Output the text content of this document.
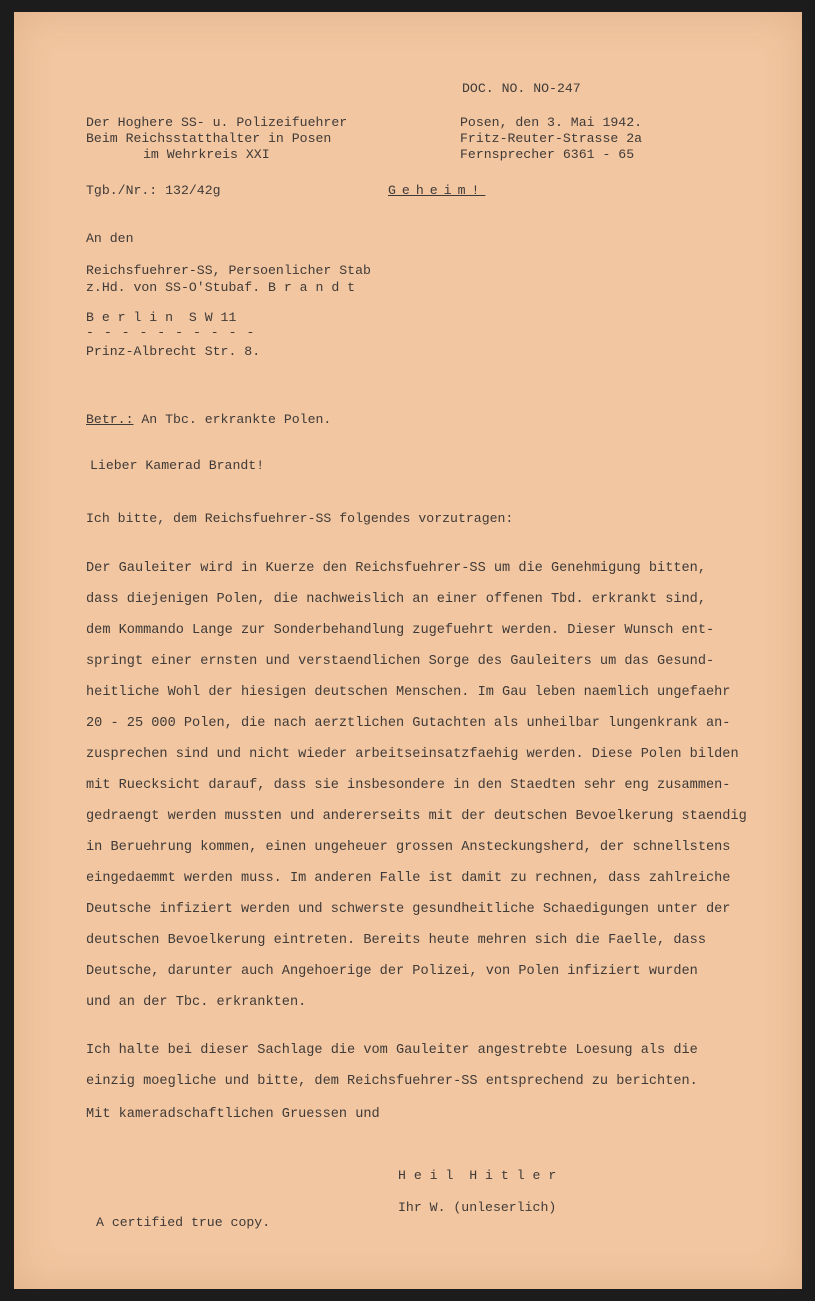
DOC. NO. NO-247
Der Hoghere SS- u. Polizeifuehrer
Beim Reichsstatthalter in Posen
im Wehrkreis XXI
Posen, den 3. Mai 1942.
Fritz-Reuter-Strasse 2a
Fernsprecher 6361 - 65
Tgb./Nr.: 132/42g	Geheim!
An den
Reichsfuehrer-SS, Persoenlicher Stab
z.Hd. von SS-O'Stubaf. B r a n d t
B e r l i n  S W 11
- - - - - - - - - -
Prinz-Albrecht Str. 8.
Betr.: An Tbc. erkrankte Polen.
Lieber Kamerad Brandt!
Ich bitte, dem Reichsfuehrer-SS folgendes vorzutragen:
Der Gauleiter wird in Kuerze den Reichsfuehrer-SS um die Genehmigung bitten,
dass diejenigen Polen, die nachweislich an einer offenen Tbd. erkrankt sind,
dem Kommando Lange zur Sonderbehandlung zugefuehrt werden. Dieser Wunsch ent-
springt einer ernsten und verstaendlichen Sorge des Gauleiters um das Gesund-
heitliche Wohl der hiesigen deutschen Menschen. Im Gau leben naemlich ungefaehr
20 - 25 000 Polen, die nach aerztlichen Gutachten als unheilbar lungenkrank an-
zusprechen sind und nicht wieder arbeitseinsatzfaehig werden. Diese Polen bilden
mit Ruecksicht darauf, dass sie insbesondere in den Staedten sehr eng zusammen-
gedraengt werden mussten und andererseits mit der deutschen Bevoelkerung staendig
in Beruehrung kommen, einen ungeheuer grossen Ansteckungsherd, der schnellstens
eingedaemmt werden muss. Im anderen Falle ist damit zu rechnen, dass zahlreiche
Deutsche infiziert werden und schwerste gesundheitliche Schaedigungen unter der
deutschen Bevoelkerung eintreten. Bereits heute mehren sich die Faelle, dass
Deutsche, darunter auch Angehoerige der Polizei, von Polen infiziert wurden
und an der Tbc. erkrankten.
Ich halte bei dieser Sachlage die vom Gauleiter angestrebte Loesung als die
einzig moegliche und bitte, dem Reichsfuehrer-SS entsprechend zu berichten.
Mit kameradschaftlichen Gruessen und
H e i l  H i t l e r
Ihr W. (unleserlich)
A certified true copy.
